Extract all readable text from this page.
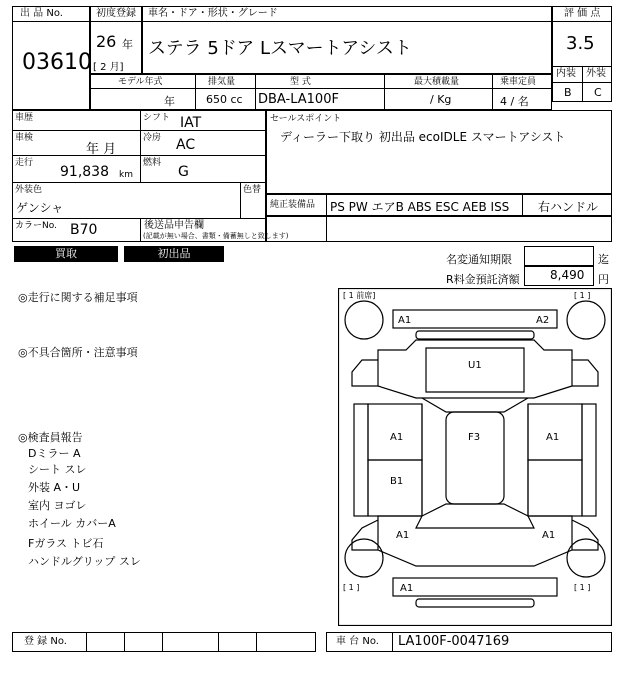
出 品 No.
03610
初度登録
26 年
[ 2 月]
車名・ドア・形状・グレード
ステラ 5ドア Lスマートアシスト
評 価 点
3.5
内装 外装
B C
モデル年式
年
排気量
650 cc
型 式
DBA-LA100F
最大積載量
/ Kg
乗車定員
4 / 名
車歴	シフト IAT
車検
年 月
冷房 AC
走行
91,838 km
燃料
G
外装色
ゲンシャ
色替
カラーNo. B70	後送品申告欄
(記載が無い場合、書類・備蓄無しと致します)
セールスポイント
ディーラー下取り 初出品 ecoIDLE スマートアシスト
純正装備品 PS PW エアB ABS ESC AEB ISS 右ハンドル
買取	初出品	名変通知期限	迄
R料金預託済額	8,490 円
◎走行に関する補足事項
◎不具合箇所・注意事項
◎検査員報告
Dミラー A
シート スレ
外装 A・U
室内 ヨゴレ
ホイール カバーA
Fガラス トビ石
ハンドルグリップ スレ
[ 1 前席]	[ 1 ]
[ 1 ]	[ 1 ]
A1	A2
U1
A1	F3	A1
B1
A1	A1
A1
登 録 No.	車 台 No. LA100F-0047169
